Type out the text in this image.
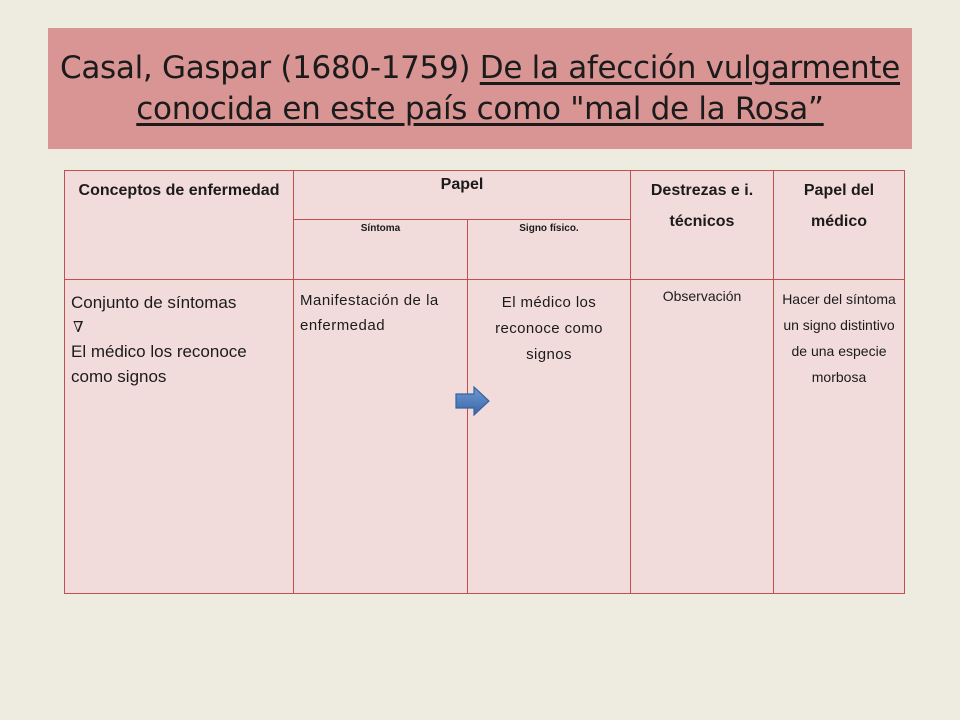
Casal, Gaspar (1680-1759) De la afección vulgarmente conocida en este país como "mal de la Rosa”
Conceptos de enfermedad	Papel		Destrezas e i. técnicos	Papel del médico

	Síntoma	Signo físico.		

Conjunto de síntomas
∇
El médico los reconoce como signos	Manifestación de la enfermedad	El médico los reconoce como signos	Observación	Hacer del síntoma un signo distintivo de una especie morbosa
